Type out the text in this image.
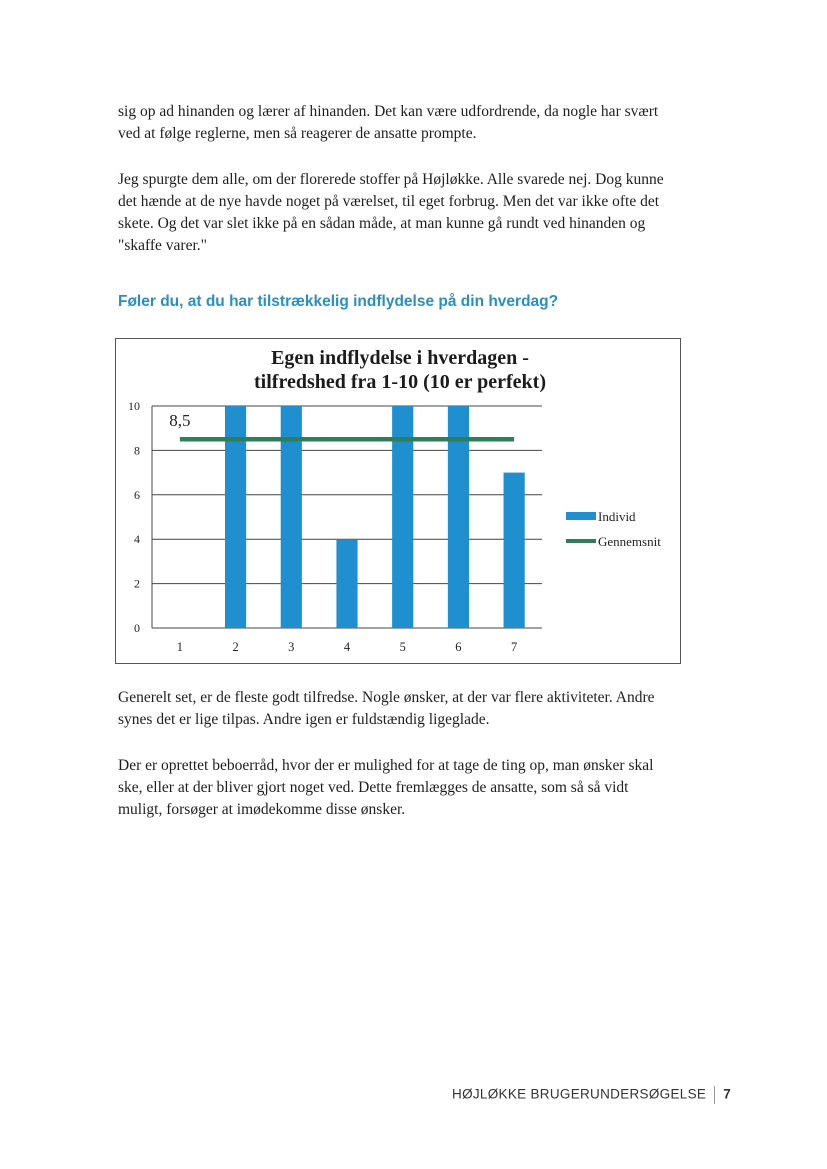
sig op ad hinanden og lærer af hinanden. Det kan være udfordrende, da nogle har svært
ved at følge reglerne, men så reagerer de ansatte prompte.

Jeg spurgte dem alle, om der florerede stoffer på Højløkke. Alle svarede nej. Dog kunne
det hænde at de nye havde noget på værelset, til eget forbrug. Men det var ikke ofte det
skete. Og det var slet ikke på en sådan måde, at man kunne gå rundt ved hinanden og
"skaffe varer."

Føler du, at du har tilstrækkelig indflydelse på din hverdag?

Egen indflydelse i hverdagen -
tilfredshed fra 1-10 (10 er perfekt)

0
2
4
6
8
10
1	2	3	4	5	6	7
8,5
Individ
Gennemsnit

Generelt set, er de fleste godt tilfredse. Nogle ønsker, at der var flere aktiviteter. Andre
synes det er lige tilpas. Andre igen er fuldstændig ligeglade.

Der er oprettet beboerråd, hvor der er mulighed for at tage de ting op, man ønsker skal
ske, eller at der bliver gjort noget ved. Dette fremlægges de ansatte, som så så vidt
muligt, forsøger at imødekomme disse ønsker.

HØJLØKKE BRUGERUNDERSØGELSE 7
